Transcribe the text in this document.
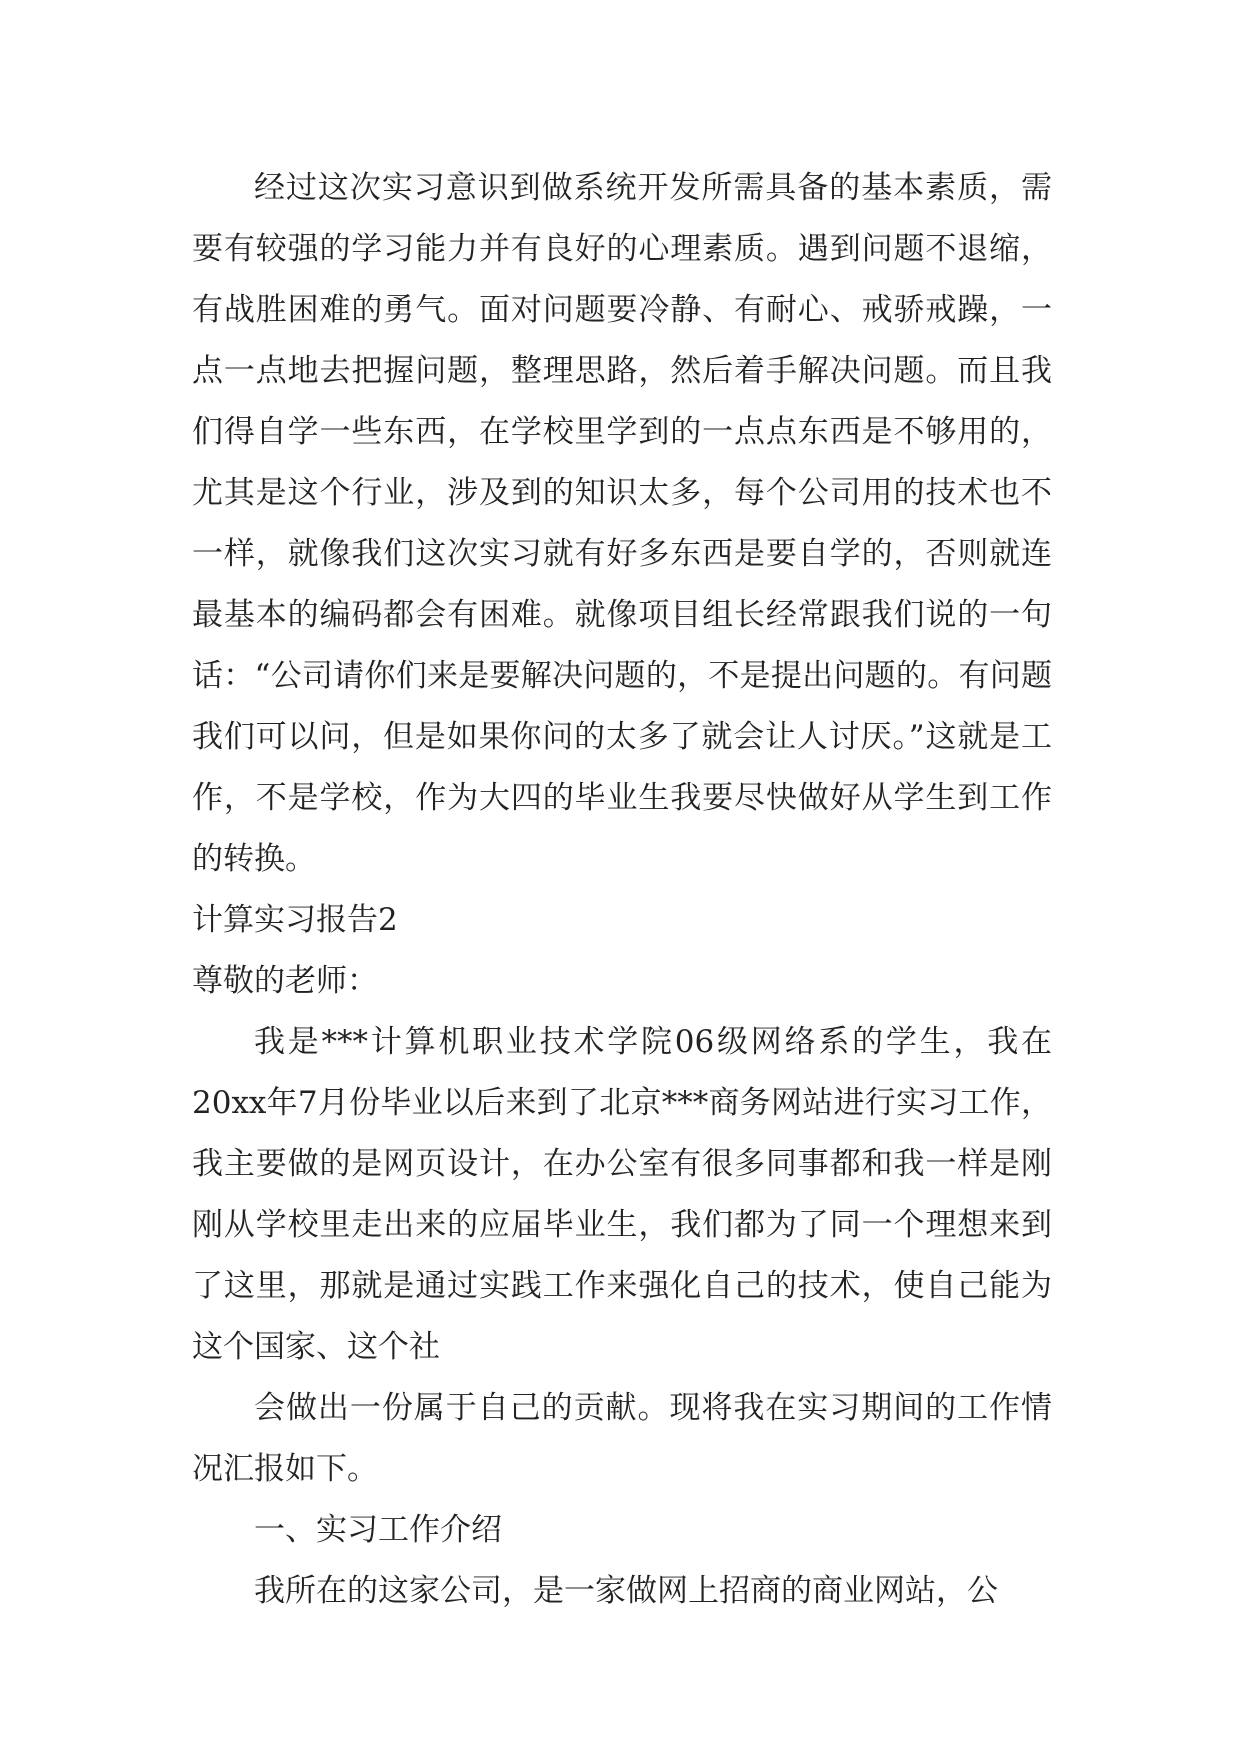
经过这次实习意识到做系统开发所需具备的基本素质，需要有较强的学习能力并有良好的心理素质。遇到问题不退缩，有战胜困难的勇气。面对问题要冷静、有耐心、戒骄戒躁，一点一点地去把握问题，整理思路，然后着手解决问题。而且我们得自学一些东西，在学校里学到的一点点东西是不够用的，尤其是这个行业，涉及到的知识太多，每个公司用的技术也不一样，就像我们这次实习就有好多东西是要自学的，否则就连最基本的编码都会有困难。就像项目组长经常跟我们说的一句话：“公司请你们来是要解决问题的，不是提出问题的。有问题我们可以问，但是如果你问的太多了就会让人讨厌。”这就是工作，不是学校，作为大四的毕业生我要尽快做好从学生到工作的转换。

计算实习报告2

尊敬的老师：

我是***计算机职业技术学院06级网络系的学生，我在20xx年7月份毕业以后来到了北京***商务网站进行实习工作，我主要做的是网页设计，在办公室有很多同事都和我一样是刚刚从学校里走出来的应届毕业生，我们都为了同一个理想来到了这里，那就是通过实践工作来强化自己的技术，使自己能为这个国家、这个社

会做出一份属于自己的贡献。现将我在实习期间的工作情况汇报如下。

一、实习工作介绍

我所在的这家公司，是一家做网上招商的商业网站，公
